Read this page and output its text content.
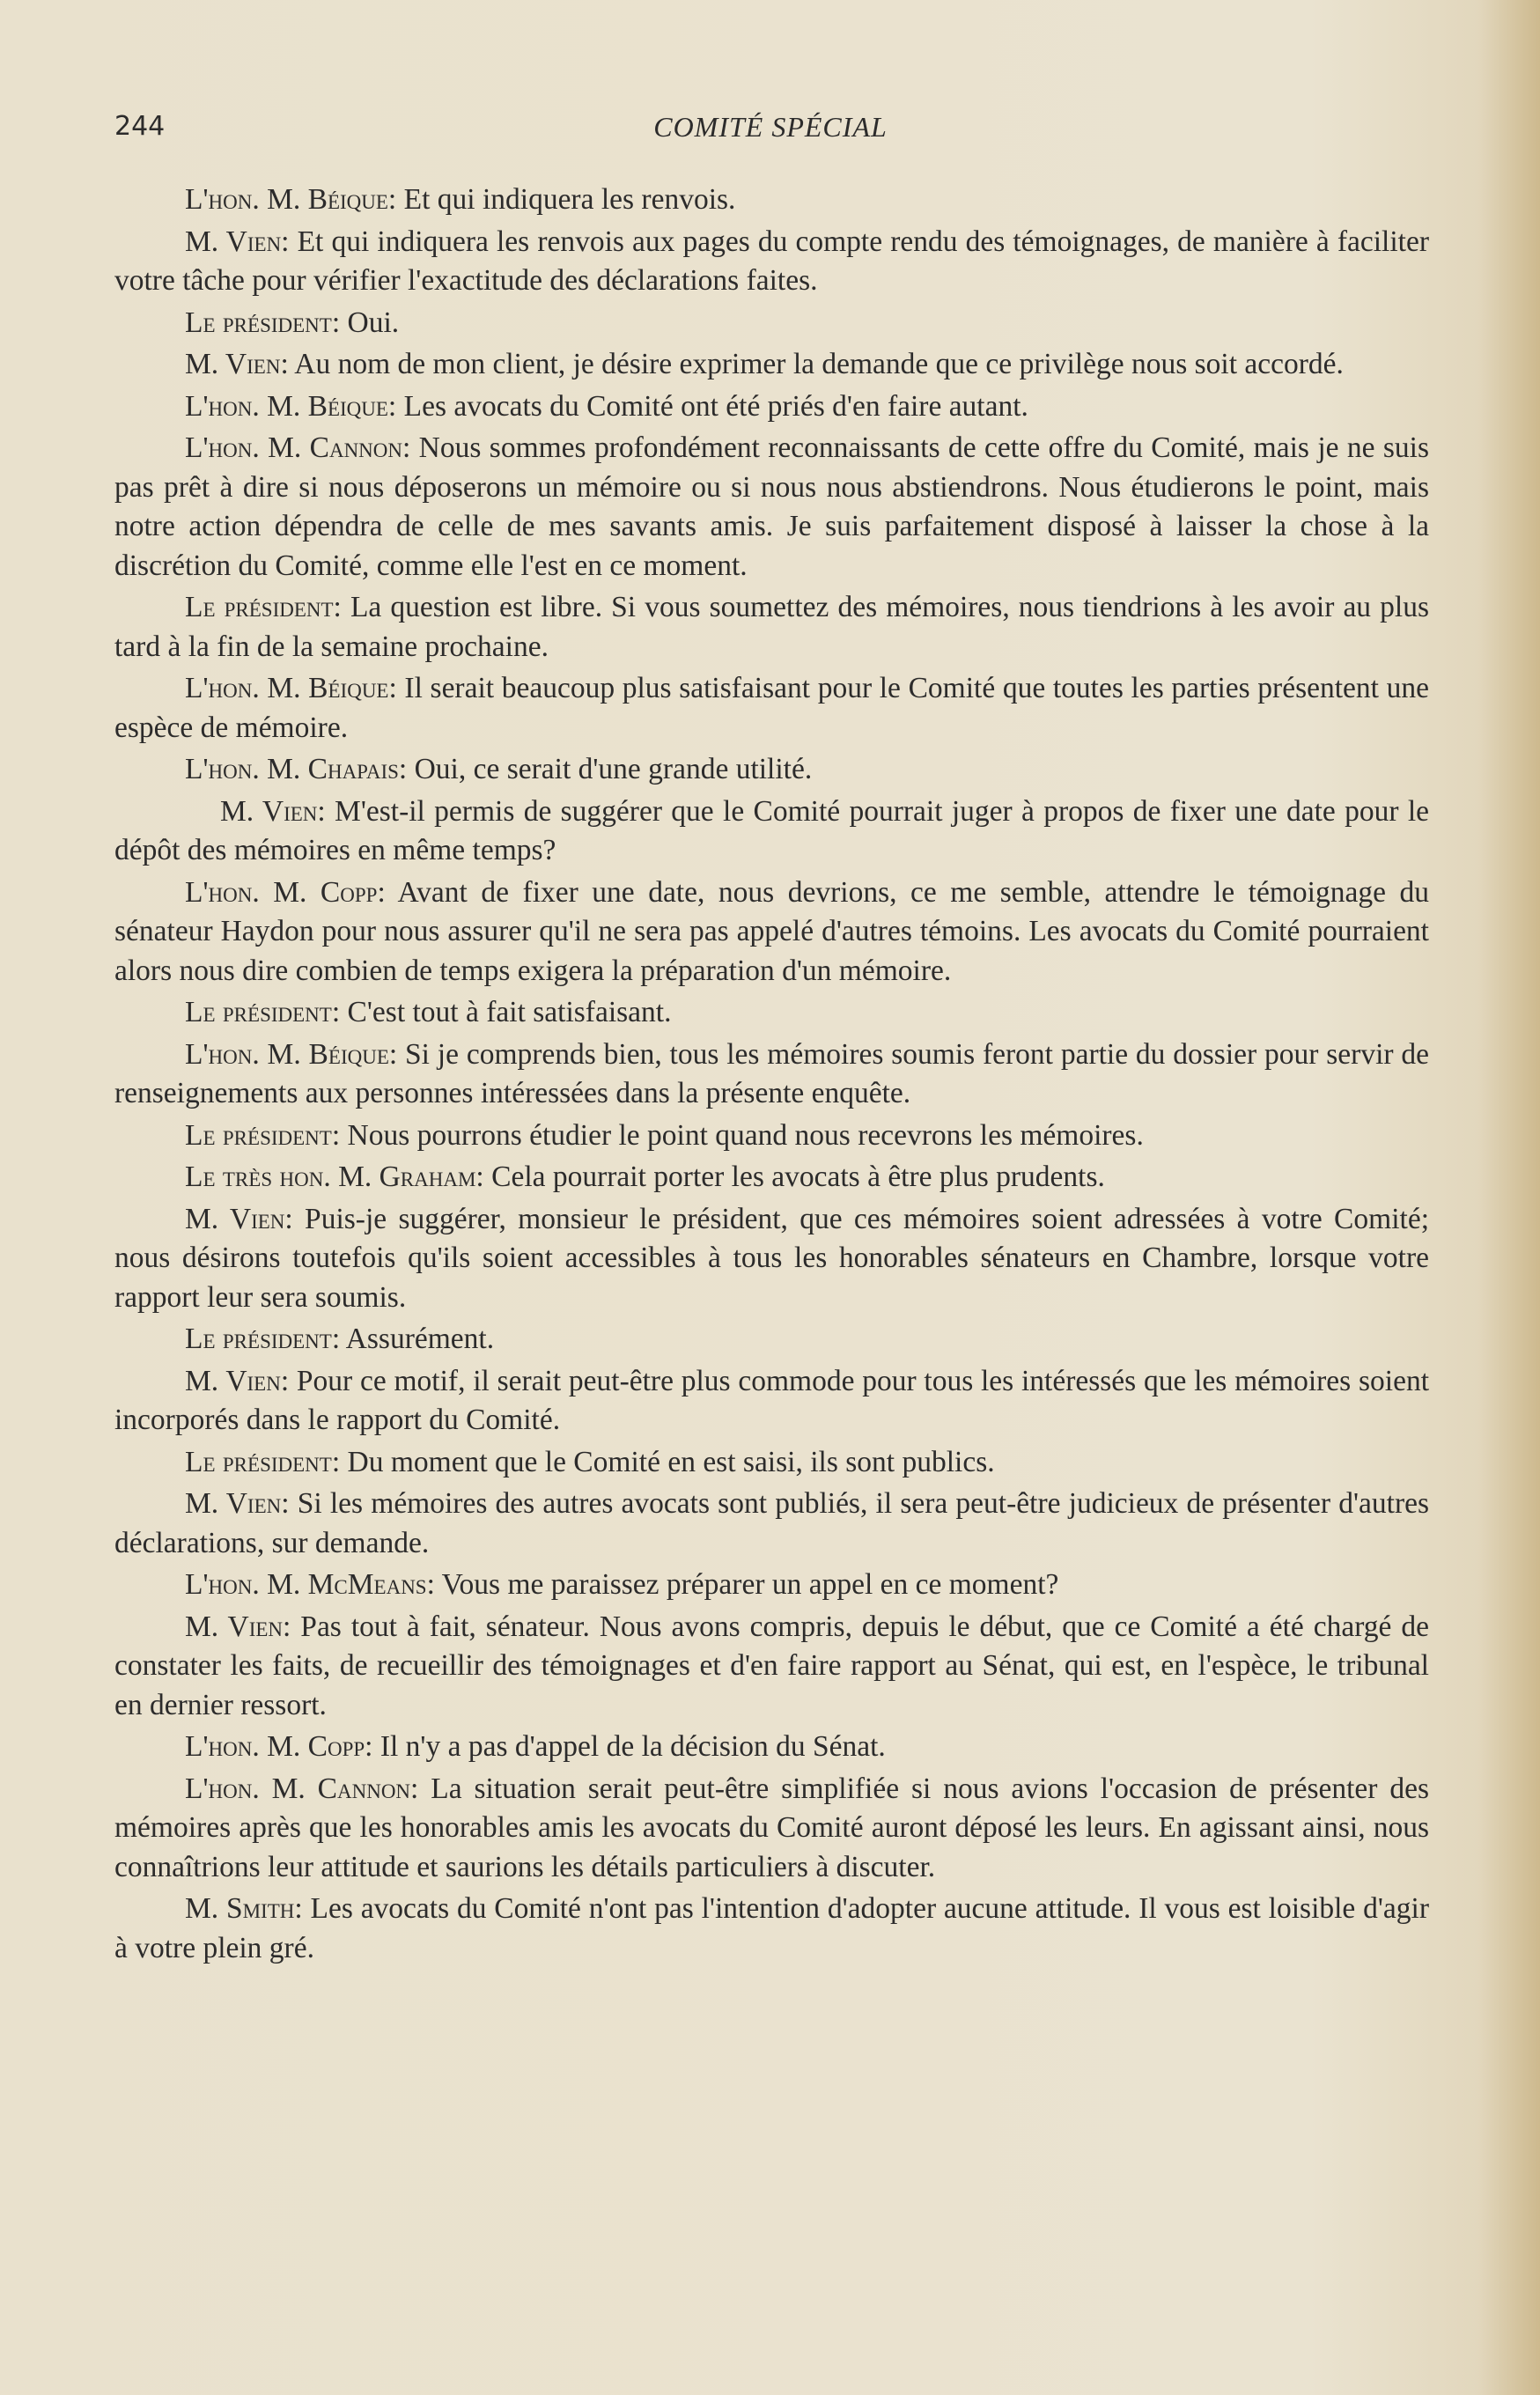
244	COMITÉ SPÉCIAL

L'hon. M. Béique: Et qui indiquera les renvois.

M. Vien: Et qui indiquera les renvois aux pages du compte rendu des témoignages, de manière à faciliter votre tâche pour vérifier l'exactitude des déclarations faites.

Le président: Oui.

M. Vien: Au nom de mon client, je désire exprimer la demande que ce privilège nous soit accordé.

L'hon. M. Béique: Les avocats du Comité ont été priés d'en faire autant.

L'hon. M. Cannon: Nous sommes profondément reconnaissants de cette offre du Comité, mais je ne suis pas prêt à dire si nous déposerons un mémoire ou si nous nous abstiendrons. Nous étudierons le point, mais notre action dépendra de celle de mes savants amis. Je suis parfaitement disposé à laisser la chose à la discrétion du Comité, comme elle l'est en ce moment.

Le président: La question est libre. Si vous soumettez des mémoires, nous tiendrions à les avoir au plus tard à la fin de la semaine prochaine.

L'hon. M. Béique: Il serait beaucoup plus satisfaisant pour le Comité que toutes les parties présentent une espèce de mémoire.

L'hon. M. Chapais: Oui, ce serait d'une grande utilité.

M. Vien: M'est-il permis de suggérer que le Comité pourrait juger à propos de fixer une date pour le dépôt des mémoires en même temps?

L'hon. M. Copp: Avant de fixer une date, nous devrions, ce me semble, attendre le témoignage du sénateur Haydon pour nous assurer qu'il ne sera pas appelé d'autres témoins. Les avocats du Comité pourraient alors nous dire combien de temps exigera la préparation d'un mémoire.

Le président: C'est tout à fait satisfaisant.

L'hon. M. Béique: Si je comprends bien, tous les mémoires soumis feront partie du dossier pour servir de renseignements aux personnes intéressées dans la présente enquête.

Le président: Nous pourrons étudier le point quand nous recevrons les mémoires.

Le très hon. M. Graham: Cela pourrait porter les avocats à être plus prudents.

M. Vien: Puis-je suggérer, monsieur le président, que ces mémoires soient adressées à votre Comité; nous désirons toutefois qu'ils soient accessibles à tous les honorables sénateurs en Chambre, lorsque votre rapport leur sera soumis.

Le président: Assurément.

M. Vien: Pour ce motif, il serait peut-être plus commode pour tous les intéressés que les mémoires soient incorporés dans le rapport du Comité.

Le président: Du moment que le Comité en est saisi, ils sont publics.

M. Vien: Si les mémoires des autres avocats sont publiés, il sera peut-être judicieux de présenter d'autres déclarations, sur demande.

L'hon. M. McMeans: Vous me paraissez préparer un appel en ce moment?

M. Vien: Pas tout à fait, sénateur. Nous avons compris, depuis le début, que ce Comité a été chargé de constater les faits, de recueillir des témoignages et d'en faire rapport au Sénat, qui est, en l'espèce, le tribunal en dernier ressort.

L'hon. M. Copp: Il n'y a pas d'appel de la décision du Sénat.

L'hon. M. Cannon: La situation serait peut-être simplifiée si nous avions l'occasion de présenter des mémoires après que les honorables amis les avocats du Comité auront déposé les leurs. En agissant ainsi, nous connaîtrions leur attitude et saurions les détails particuliers à discuter.

M. Smith: Les avocats du Comité n'ont pas l'intention d'adopter aucune attitude. Il vous est loisible d'agir à votre plein gré.
